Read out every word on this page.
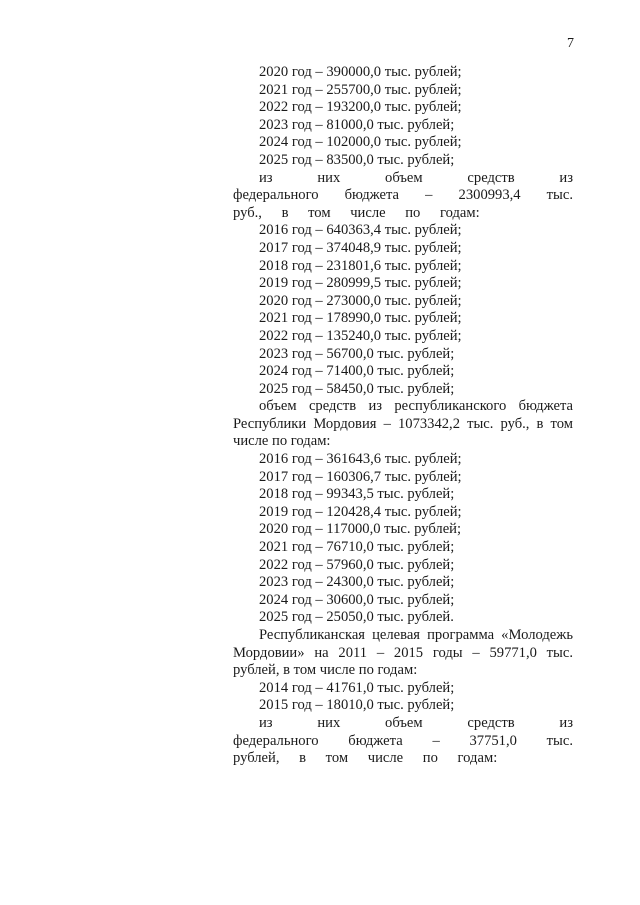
7
2020 год – 390000,0 тыс. рублей;
2021 год – 255700,0 тыс. рублей;
2022 год – 193200,0 тыс. рублей;
2023 год – 81000,0 тыс. рублей;
2024 год – 102000,0 тыс. рублей;
2025 год – 83500,0 тыс. рублей;
из них объем средств из федерального бюджета – 2300993,4 тыс. руб., в том числе по годам:
2016 год – 640363,4 тыс. рублей;
2017 год – 374048,9 тыс. рублей;
2018 год – 231801,6 тыс. рублей;
2019 год – 280999,5 тыс. рублей;
2020 год – 273000,0 тыс. рублей;
2021 год – 178990,0 тыс. рублей;
2022 год – 135240,0 тыс. рублей;
2023 год – 56700,0 тыс. рублей;
2024 год – 71400,0 тыс. рублей;
2025 год – 58450,0 тыс. рублей;
объем средств из республиканского бюджета Республики Мордовия – 1073342,2 тыс. руб., в том числе по годам:
2016 год – 361643,6 тыс. рублей;
2017 год – 160306,7 тыс. рублей;
2018 год – 99343,5 тыс. рублей;
2019 год – 120428,4 тыс. рублей;
2020 год – 117000,0 тыс. рублей;
2021 год – 76710,0 тыс. рублей;
2022 год – 57960,0 тыс. рублей;
2023 год – 24300,0 тыс. рублей;
2024 год – 30600,0 тыс. рублей;
2025 год – 25050,0 тыс. рублей.
Республиканская целевая программа «Молодежь Мордовии» на 2011 – 2015 годы – 59771,0 тыс. рублей, в том числе по годам:
2014 год – 41761,0 тыс. рублей;
2015 год – 18010,0 тыс. рублей;
из них объем средств из федерального бюджета – 37751,0 тыс. рублей, в том числе по годам:
